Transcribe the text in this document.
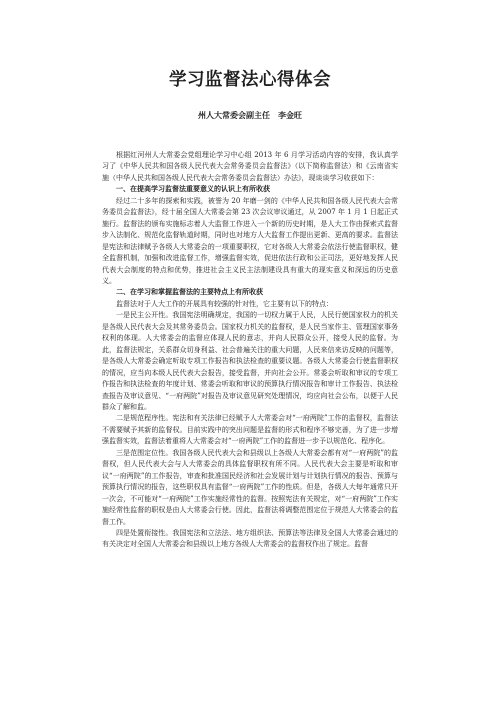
学习监督法心得体会
州人大常委会副主任　李金旺

根据红河州人大常委会党组理论学习中心组 2013 年 6 月学习活动内容的安排，我认真学习了《中华人民共和国各级人民代表大会常务委员会监督法》（以下简称监督法）和《云南省实施（中华人民共和国各级人民代表大会常务委员会监督法）办法》，现谈谈学习收获如下：

一、在提高学习监督法重要意义的认识上有所收获

经过二十多年的探索和实践，被誉为 20 年磨一剑的《中华人民共和国各级人民代表大会常务委员会监督法》，经十届全国人大常委会第 23 次会议审议通过，从 2007 年 1 月 1 日起正式施行。监督法的颁布实施标志着人大监督工作进入一个新的历史时期，是人大工作由探索式监督步入法制化、规范化监督轨道时期，同时也对地方人大监督工作提出更新、更高的要求。监督法是宪法和法律赋予各级人大常委会的一项重要职权，它对各级人大常委会依法行使监督职权，健全监督机制，加强和改进监督工作，增强监督实效，促进依法行政和公正司法，更好地发挥人民代表大会制度的特点和优势，推进社会主义民主法制建设具有重大的现实意义和深远的历史意义。

二、在学习和掌握监督法的主要特点上有所收获

监督法对于人大工作的开展具有较强的针对性，它主要有以下的特点：

一是民主公开性。我国宪法明确规定，我国的一切权力属于人民，人民行使国家权力的机关是各级人民代表大会及其常务委员会。国家权力机关的监督权，是人民当家作主、管理国家事务权利的体现。人大常委会的监督应体现人民的意志，并向人民群众公开，接受人民的监督。为此，监督法规定，关系群众切身利益、社会普遍关注的重大问题，人民来信来访反映的问题等，是各级人大常委会确定听取专项工作报告和执法检查的重要议题。各级人大常委会行使监督职权的情况，应当向本级人民代表大会报告，接受监督，并向社会公开。常委会听取和审议的专项工作报告和执法检查的年度计划、常委会听取和审议的预算执行情况报告和审计工作报告、执法检查报告及审议意见、“一府两院”对报告及审议意见研究处理情况，均应向社会公布，以便于人民群众了解和监。

二是规范程序性。宪法和有关法律已经赋予人大常委会对“一府两院”工作的监督权，监督法不需要赋予其新的监督权。目前实践中的突出问题是监督的形式和程序不够完善，为了进一步增强监督实效，监督法着重将人大常委会对“一府两院”工作的监督进一步予以规范化、程序化。

三是范围定位性。我国各级人民代表大会和县级以上各级人大常委会都有对“一府两院”的监督权，但人民代表大会与人大常委会的具体监督职权有所不同。人民代表大会主要是听取和审议“一府两院”的工作报告，审查和批准国民经济和社会发展计划与计划执行情况的报告、预算与预算执行情况的报告，这些职权具有监督“一府两院”工作的性质。但是，各级人大每年通常只开一次会，不可能对“一府两院”工作实施经常性的监督。按照宪法有关规定，对“一府两院”工作实施经常性监督的职权是由人大常委会行使。因此，监督法将调整范围定位于规范人大常委会的监督工作。

四是处置衔接性。我国宪法和立法法、地方组织法、预算法等法律及全国人大常委会通过的有关决定对全国人大常委会和县级以上地方各级人大常委会的监督权作出了规定。监督
